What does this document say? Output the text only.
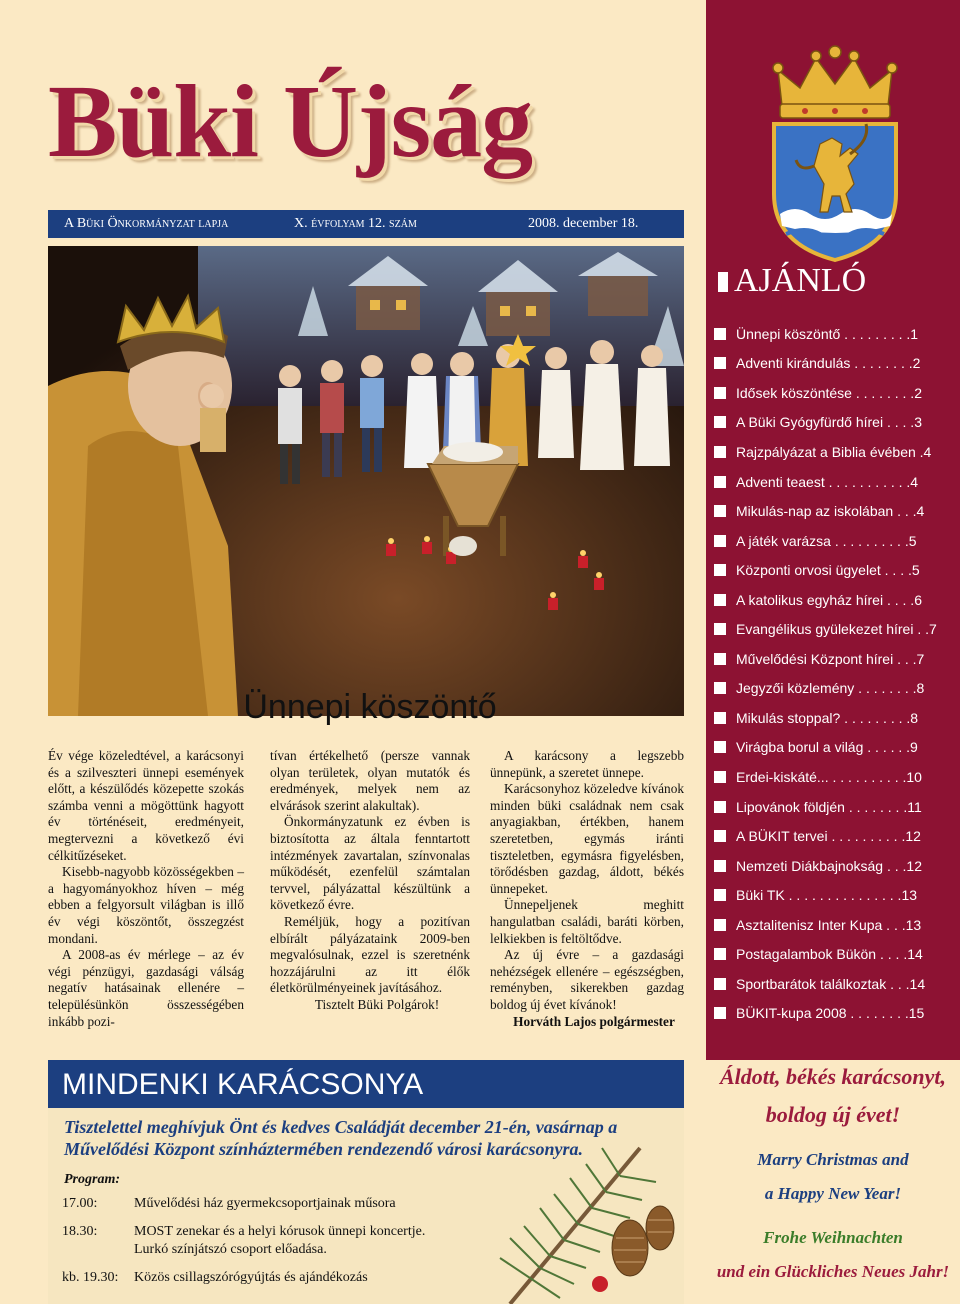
Büki Újság
A Büki Önkormányzat lapja	X. évfolyam 12. szám	2008. december 18.
Ünnepi köszöntő

Év vége közeledtével, a karácsonyi és a szilveszteri ünnepi események előtt, a készülődés közepette szokás számba venni a mögöttünk hagyott év történéseit, eredményeit, megtervezni a következő évi célkitűzéseket.

Kisebb-nagyobb közösségekben – a hagyományokhoz híven – még ebben a felgyorsult világban is illő év végi köszöntőt, összegzést mondani.

A 2008-as év mérlege – az év végi pénzügyi, gazdasági válság negatív hatásainak ellenére – településünkön összességében inkább pozi-

tívan értékelhető (persze vannak olyan területek, olyan mutatók és eredmények, melyek nem az elvárások szerint alakultak).

Önkormányzatunk ez évben is biztosította az általa fenntartott intézmények zavartalan, színvonalas működését, ezenfelül számtalan tervvel, pályázattal készültünk a következő évre.

Reméljük, hogy a pozitívan elbírált pályázataink 2009-ben megvalósulnak, ezzel is szeretnénk hozzájárulni az itt élők életkörülményeinek javításához.

Tisztelt Büki Polgárok!

A karácsony a legszebb ünnepünk, a szeretet ünnepe.

Karácsonyhoz közeledve kívánok minden büki családnak nem csak anyagiakban, értékben, hanem szeretetben, egymás iránti tiszteletben, egymásra figyelésben, törődésben gazdag, áldott, békés ünnepeket.

Ünnepeljenek meghitt hangulatban családi, baráti körben, lelkiekben is feltöltődve.

Az új évre – a gazdasági nehézségek ellenére – egészségben, reményben, sikerekben gazdag boldog új évet kívánok!

Horváth Lajos polgármester

AJÁNLÓ
Ünnepi köszöntő . . . . . . . . .1
Adventi kirándulás . . . . . . . .2
Idősek köszöntése . . . . . . . .2
A Büki Gyógyfürdő hírei . . . .3
Rajzpályázat a Biblia évében .4
Adventi teaest . . . . . . . . . . .4
Mikulás-nap az iskolában . . .4
A játék varázsa . . . . . . . . . .5
Központi orvosi ügyelet . . . .5
A katolikus egyház hírei . . . .6
Evangélikus gyülekezet hírei . .7
Művelődési Központ hírei . . .7
Jegyzői közlemény . . . . . . . .8
Mikulás stoppal? . . . . . . . . .8
Virágba borul a világ . . . . . .9
Erdei-kiskáté... . . . . . . . . . .10
Lipovánok földjén . . . . . . . .11
A BÜKIT tervei . . . . . . . . . .12
Nemzeti Diákbajnokság . . .12
Büki TK . . . . . . . . . . . . . . .13
Asztalitenisz Inter Kupa . . .13
Postagalambok Bükön . . . .14
Sportbarátok találkoztak . . .14
BÜKIT-kupa 2008 . . . . . . . .15
Áldott, békés karácsonyt,
boldog új évet!
Marry Christmas and
a Happy New Year!
Frohe Weihnachten
und ein Glückliches Neues Jahr!
MINDENKI KARÁCSONYA
Tisztelettel meghívjuk Önt és kedves Családját december 21-én, vasárnap a Művelődési Központ színháztermében rendezendő városi karácsonyra.
Program:
17.00:	Művelődési ház gyermekcsoportjainak műsora
18.30:	MOST zenekar és a helyi kórusok ünnepi koncertje.
Lurkó színjátszó csoport előadása.
kb. 19.30: Közös csillagszórógyújtás és ajándékozás
